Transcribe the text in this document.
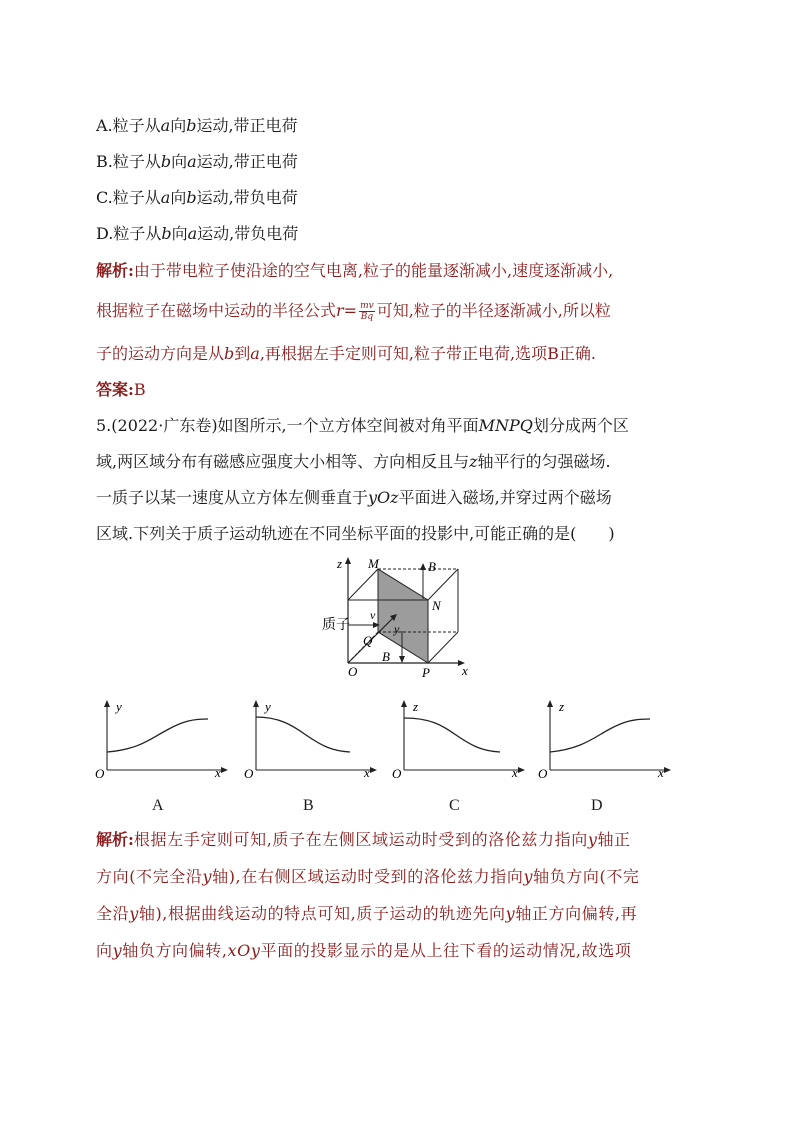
A.粒子从a向b运动,带正电荷
B.粒子从b向a运动,带正电荷
C.粒子从a向b运动,带负电荷
D.粒子从b向a运动,带负电荷
解析:由于带电粒子使沿途的空气电离,粒子的能量逐渐减小,速度逐渐减小,
根据粒子在磁场中运动的半径公式$r= \frac{mv}{Bq}$ 可知,粒子的半径逐渐减小,所以粒
子的运动方向是从b到a,再根据左手定则可知,粒子带正电荷,选项B正确.
答案:B
5.(2022·广东卷)如图所示,一个立方体空间被对角平面MNPQ划分成两个区
域,两区域分布有磁感应强度大小相等、方向相反且与z轴平行的匀强磁场.
一质子以某一速度从立方体左侧垂直于yOz平面进入磁场,并穿过两个磁场
区域.下列关于质子运动轨迹在不同坐标平面的投影中,可能正确的是(　　)
z M	B
N
质子
v
Q
y
B
O	P x
y
x
O
y
x
O
z
x
O
z
x
O
A	B	C	D
解析:根据左手定则可知,质子在左侧区域运动时受到的洛伦兹力指向y轴正
方向(不完全沿y轴),在右侧区域运动时受到的洛伦兹力指向y轴负方向(不完
全沿y轴),根据曲线运动的特点可知,质子运动的轨迹先向y轴正方向偏转,再
向y轴负方向偏转,xOy平面的投影显示的是从上往下看的运动情况,故选项
